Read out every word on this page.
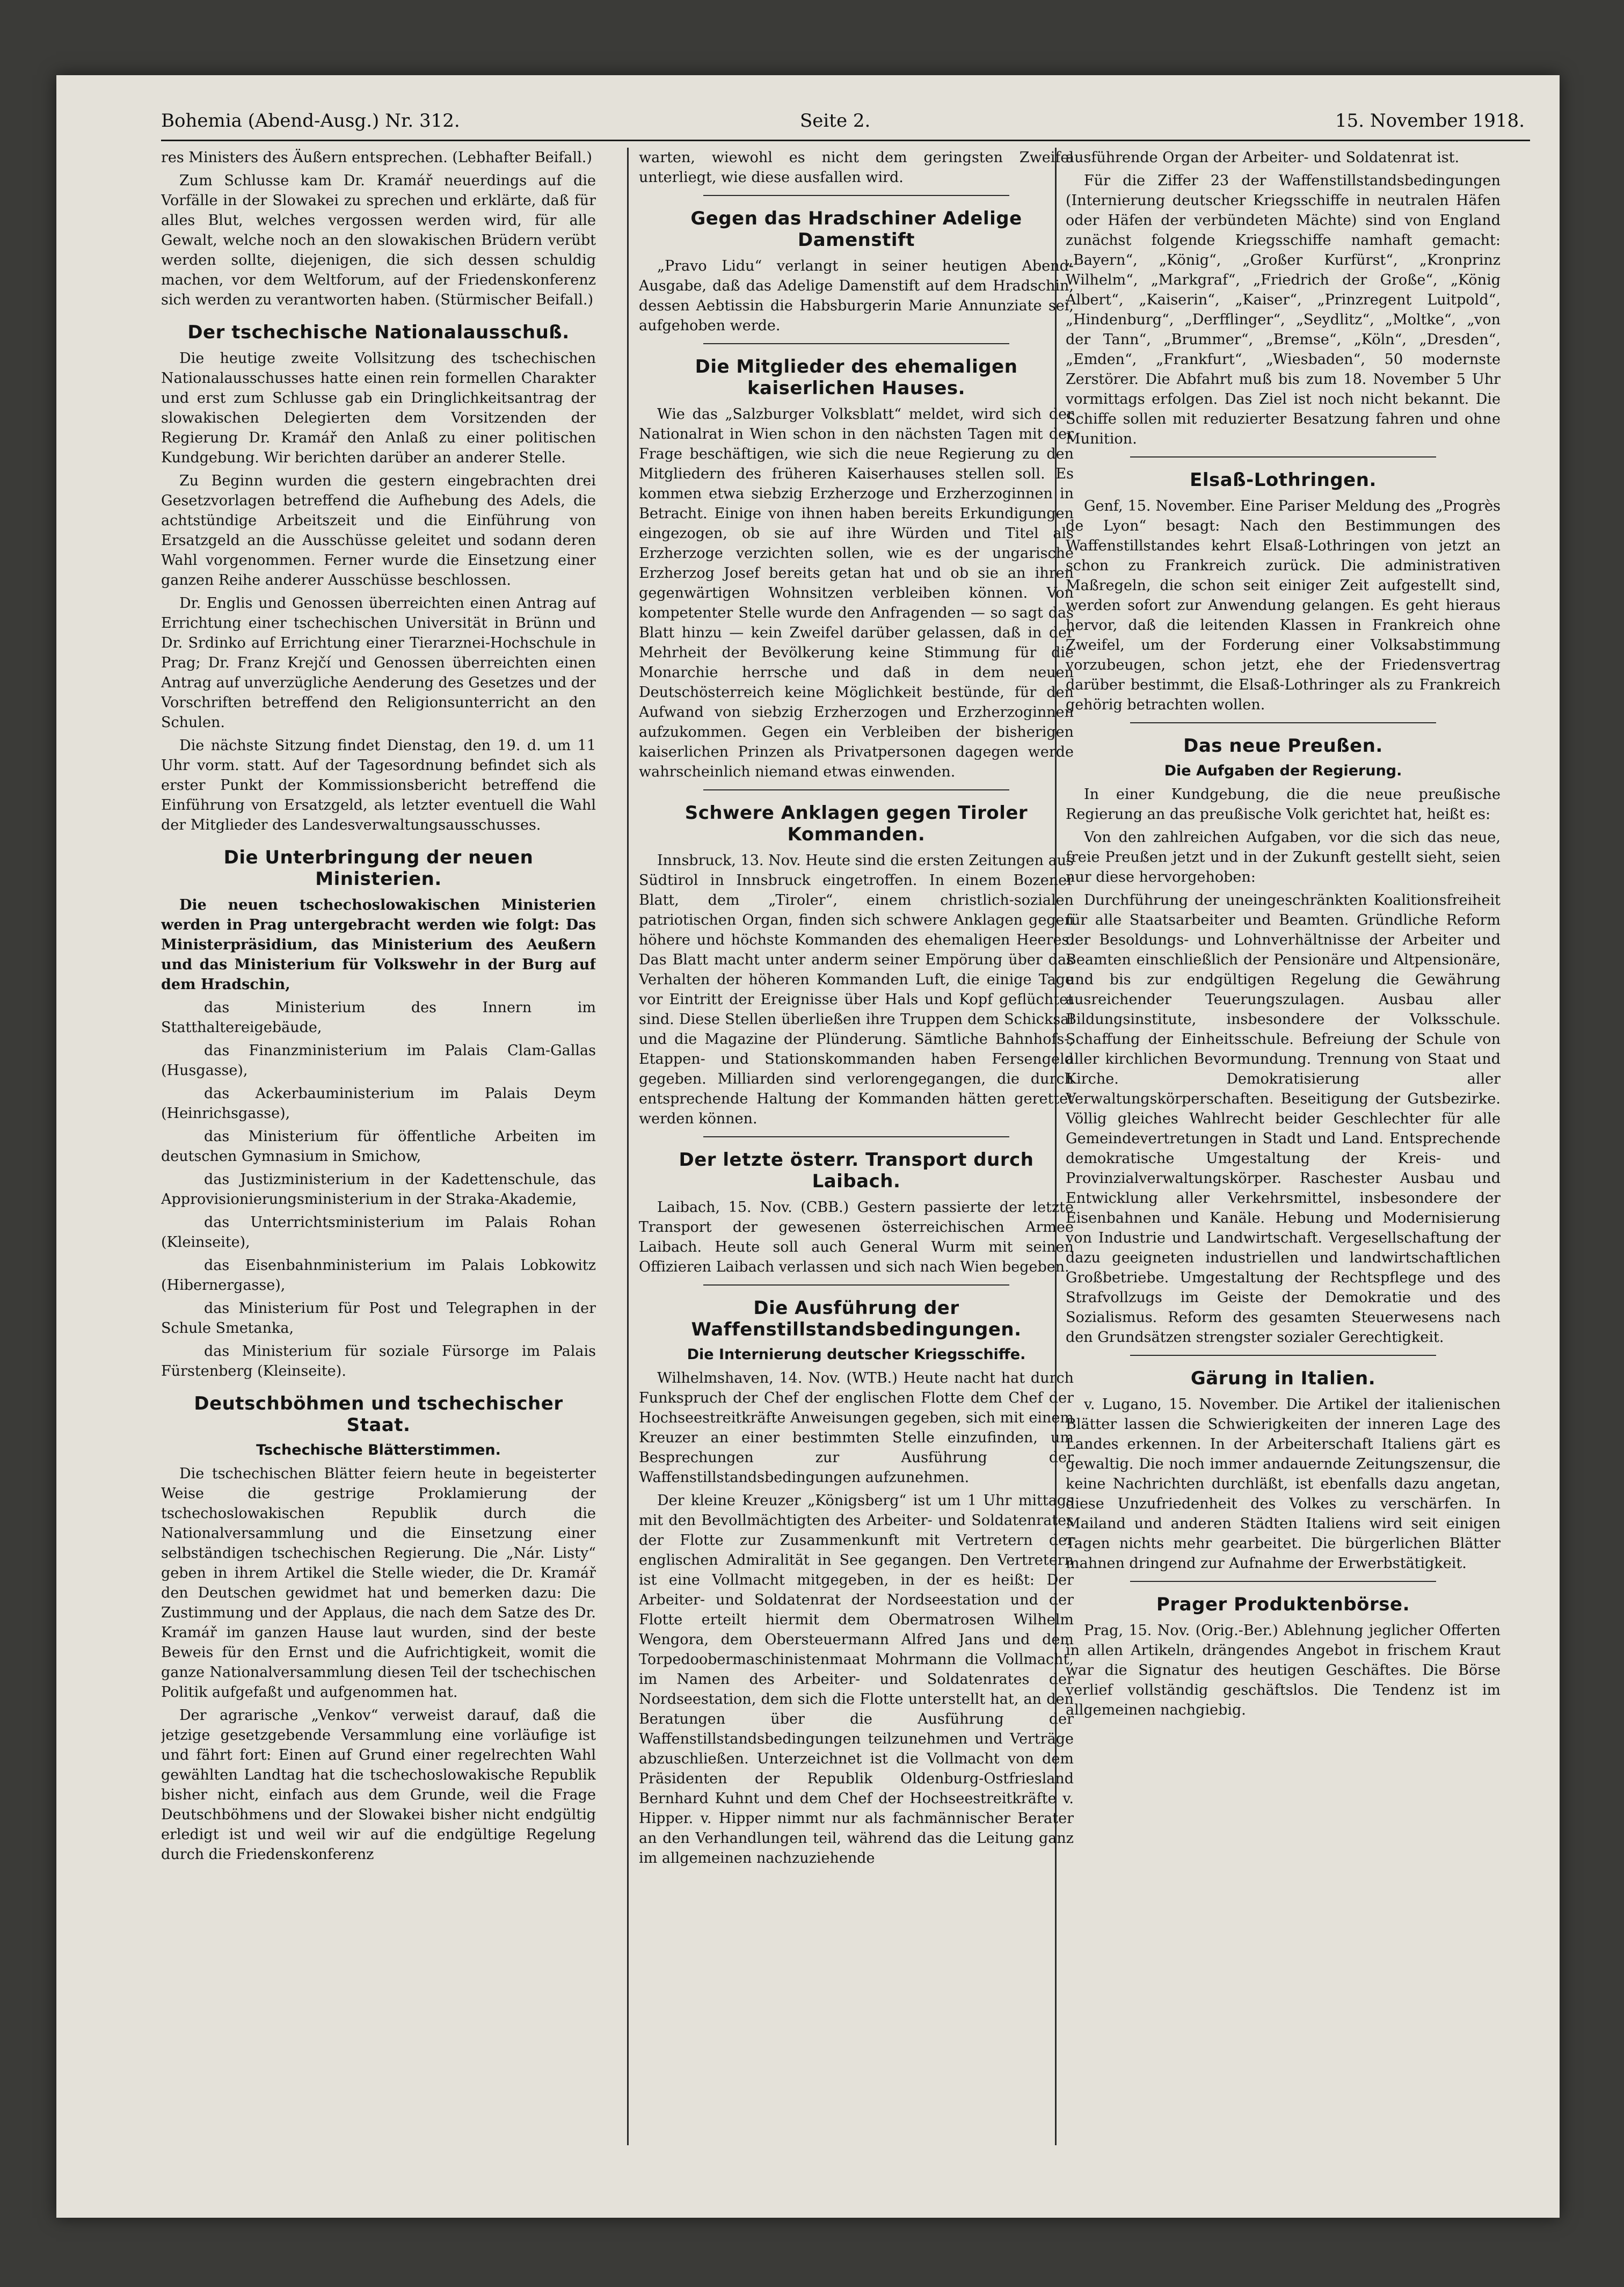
Bohemia (Abend-Ausg.) Nr. 312.	Seite 2.	15. November 1918.

res Ministers des Äußern entsprechen. (Lebhafter Beifall.)

Zum Schlusse kam Dr. Kramář neuerdings auf die Vorfälle in der Slowakei zu sprechen und erklärte, daß für alles Blut, welches vergossen werden wird, für alle Gewalt, welche noch an den slowakischen Brüdern verübt werden sollte, diejenigen, die sich dessen schuldig machen, vor dem Weltforum, auf der Friedenskonferenz sich werden zu verantworten haben. (Stürmischer Beifall.)

Der tschechische Nationalausschuß.

Die heutige zweite Vollsitzung des tschechischen Nationalausschusses hatte einen rein formellen Charakter und erst zum Schlusse gab ein Dringlichkeitsantrag der slowakischen Delegierten dem Vorsitzenden der Regierung Dr. Kramář den Anlaß zu einer politischen Kundgebung. Wir berichten darüber an anderer Stelle.

Zu Beginn wurden die gestern eingebrachten drei Gesetzvorlagen betreffend die Aufhebung des Adels, die achtstündige Arbeitszeit und die Einführung von Ersatzgeld an die Ausschüsse geleitet und sodann deren Wahl vorgenommen. Ferner wurde die Einsetzung einer ganzen Reihe anderer Ausschüsse beschlossen.

Dr. Englis und Genossen überreichten einen Antrag auf Errichtung einer tschechischen Universität in Brünn und Dr. Srdinko auf Errichtung einer Tierarznei-Hochschule in Prag; Dr. Franz Krejčí und Genossen überreichten einen Antrag auf unverzügliche Aenderung des Gesetzes und der Vorschriften betreffend den Religionsunterricht an den Schulen.

Die nächste Sitzung findet Dienstag, den 19. d. um 11 Uhr vorm. statt. Auf der Tagesordnung befindet sich als erster Punkt der Kommissionsbericht betreffend die Einführung von Ersatzgeld, als letzter eventuell die Wahl der Mitglieder des Landesverwaltungsausschusses.

Die Unterbringung der neuen Ministerien.

Die neuen tschechoslowakischen Ministerien werden in Prag untergebracht werden wie folgt: Das Ministerpräsidium, das Ministerium des Aeußern und das Ministerium für Volkswehr in der Burg auf dem Hradschin,

das Ministerium des Innern im Statthaltereigebäude,

das Finanzministerium im Palais Clam-Gallas (Husgasse),

das Ackerbauministerium im Palais Deym (Heinrichsgasse),

das Ministerium für öffentliche Arbeiten im deutschen Gymnasium in Smichow,

das Justizministerium in der Kadettenschule, das Approvisionierungsministerium in der Straka-Akademie,

das Unterrichtsministerium im Palais Rohan (Kleinseite),

das Eisenbahnministerium im Palais Lobkowitz (Hibernergasse),

das Ministerium für Post und Telegraphen in der Schule Smetanka,

das Ministerium für soziale Fürsorge im Palais Fürstenberg (Kleinseite).

Deutschböhmen und tschechischer Staat.
Tschechische Blätterstimmen.

Die tschechischen Blätter feiern heute in begeisterter Weise die gestrige Proklamierung der tschechoslowakischen Republik durch die Nationalversammlung und die Einsetzung einer selbständigen tschechischen Regierung. Die „Nár. Listy“ geben in ihrem Artikel die Stelle wieder, die Dr. Kramář den Deutschen gewidmet hat und bemerken dazu: Die Zustimmung und der Applaus, die nach dem Satze des Dr. Kramář im ganzen Hause laut wurden, sind der beste Beweis für den Ernst und die Aufrichtigkeit, womit die ganze Nationalversammlung diesen Teil der tschechischen Politik aufgefaßt und aufgenommen hat.

Der agrarische „Venkov“ verweist darauf, daß die jetzige gesetzgebende Versammlung eine vorläufige ist und fährt fort: Einen auf Grund einer regelrechten Wahl gewählten Landtag hat die tschechoslowakische Republik bisher nicht, einfach aus dem Grunde, weil die Frage Deutschböhmens und der Slowakei bisher nicht endgültig erledigt ist und weil wir auf die endgültige Regelung durch die Friedenskonferenz

warten, wiewohl es nicht dem geringsten Zweifel unterliegt, wie diese ausfallen wird.

Gegen das Hradschiner Adelige Damenstift

„Pravo Lidu“ verlangt in seiner heutigen Abend-Ausgabe, daß das Adelige Damenstift auf dem Hradschin, dessen Aebtissin die Habsburgerin Marie Annunziate sei, aufgehoben werde.

Die Mitglieder des ehemaligen kaiserlichen Hauses.

Wie das „Salzburger Volksblatt“ meldet, wird sich der Nationalrat in Wien schon in den nächsten Tagen mit der Frage beschäftigen, wie sich die neue Regierung zu den Mitgliedern des früheren Kaiserhauses stellen soll. Es kommen etwa siebzig Erzherzoge und Erzherzoginnen in Betracht. Einige von ihnen haben bereits Erkundigungen eingezogen, ob sie auf ihre Würden und Titel als Erzherzoge verzichten sollen, wie es der ungarische Erzherzog Josef bereits getan hat und ob sie an ihren gegenwärtigen Wohnsitzen verbleiben können. Von kompetenter Stelle wurde den Anfragenden — so sagt das Blatt hinzu — kein Zweifel darüber gelassen, daß in der Mehrheit der Bevölkerung keine Stimmung für die Monarchie herrsche und daß in dem neuen Deutschösterreich keine Möglichkeit bestünde, für den Aufwand von siebzig Erzherzogen und Erzherzoginnen aufzukommen. Gegen ein Verbleiben der bisherigen kaiserlichen Prinzen als Privatpersonen dagegen werde wahrscheinlich niemand etwas einwenden.

Schwere Anklagen gegen Tiroler Kommanden.

Innsbruck, 13. Nov. Heute sind die ersten Zeitungen aus Südtirol in Innsbruck eingetroffen. In einem Bozener Blatt, dem „Tiroler“, einem christlich-sozialen patriotischen Organ, finden sich schwere Anklagen gegen höhere und höchste Kommanden des ehemaligen Heeres. Das Blatt macht unter anderm seiner Empörung über das Verhalten der höheren Kommanden Luft, die einige Tage vor Eintritt der Ereignisse über Hals und Kopf geflüchtet sind. Diese Stellen überließen ihre Truppen dem Schicksal und die Magazine der Plünderung. Sämtliche Bahnhofs-, Etappen- und Stationskommanden haben Fersengeld gegeben. Milliarden sind verlorengegangen, die durch entsprechende Haltung der Kommanden hätten gerettet werden können.

Der letzte österr. Transport durch Laibach.

Laibach, 15. Nov. (CBB.) Gestern passierte der letzte Transport der gewesenen österreichischen Armee Laibach. Heute soll auch General Wurm mit seinen Offizieren Laibach verlassen und sich nach Wien begeben.

Die Ausführung der Waffenstillstandsbedingungen.
Die Internierung deutscher Kriegsschiffe.

Wilhelmshaven, 14. Nov. (WTB.) Heute nacht hat durch Funkspruch der Chef der englischen Flotte dem Chef der Hochseestreitkräfte Anweisungen gegeben, sich mit einem Kreuzer an einer bestimmten Stelle einzufinden, um Besprechungen zur Ausführung der Waffenstillstandsbedingungen aufzunehmen.

Der kleine Kreuzer „Königsberg“ ist um 1 Uhr mittags mit den Bevollmächtigten des Arbeiter- und Soldatenrates der Flotte zur Zusammenkunft mit Vertretern der englischen Admiralität in See gegangen. Den Vertretern ist eine Vollmacht mitgegeben, in der es heißt: Der Arbeiter- und Soldatenrat der Nordseestation und der Flotte erteilt hiermit dem Obermatrosen Wilhelm Wengora, dem Obersteuermann Alfred Jans und dem Torpedoobermaschinistenmaat Mohrmann die Vollmacht, im Namen des Arbeiter- und Soldatenrates der Nordseestation, dem sich die Flotte unterstellt hat, an den Beratungen über die Ausführung der Waffenstillstandsbedingungen teilzunehmen und Verträge abzuschließen. Unterzeichnet ist die Vollmacht von dem Präsidenten der Republik Oldenburg-Ostfriesland Bernhard Kuhnt und dem Chef der Hochseestreitkräfte v. Hipper. v. Hipper nimmt nur als fachmännischer Berater an den Verhandlungen teil, während das die Leitung ganz im allgemeinen nachzuziehende

ausführende Organ der Arbeiter- und Soldatenrat ist.

Für die Ziffer 23 der Waffenstillstandsbedingungen (Internierung deutscher Kriegsschiffe in neutralen Häfen oder Häfen der verbündeten Mächte) sind von England zunächst folgende Kriegsschiffe namhaft gemacht: „Bayern“, „König“, „Großer Kurfürst“, „Kronprinz Wilhelm“, „Markgraf“, „Friedrich der Große“, „König Albert“, „Kaiserin“, „Kaiser“, „Prinzregent Luitpold“, „Hindenburg“, „Derfflinger“, „Seydlitz“, „Moltke“, „von der Tann“, „Brummer“, „Bremse“, „Köln“, „Dresden“, „Emden“, „Frankfurt“, „Wiesbaden“, 50 modernste Zerstörer. Die Abfahrt muß bis zum 18. November 5 Uhr vormittags erfolgen. Das Ziel ist noch nicht bekannt. Die Schiffe sollen mit reduzierter Besatzung fahren und ohne Munition.

Elsaß-Lothringen.

Genf, 15. November. Eine Pariser Meldung des „Progrès de Lyon“ besagt: Nach den Bestimmungen des Waffenstillstandes kehrt Elsaß-Lothringen von jetzt an schon zu Frankreich zurück. Die administrativen Maßregeln, die schon seit einiger Zeit aufgestellt sind, werden sofort zur Anwendung gelangen. Es geht hieraus hervor, daß die leitenden Klassen in Frankreich ohne Zweifel, um der Forderung einer Volksabstimmung vorzubeugen, schon jetzt, ehe der Friedensvertrag darüber bestimmt, die Elsaß-Lothringer als zu Frankreich gehörig betrachten wollen.

Das neue Preußen.
Die Aufgaben der Regierung.

In einer Kundgebung, die die neue preußische Regierung an das preußische Volk gerichtet hat, heißt es:

Von den zahlreichen Aufgaben, vor die sich das neue, freie Preußen jetzt und in der Zukunft gestellt sieht, seien nur diese hervorgehoben:

Durchführung der uneingeschränkten Koalitionsfreiheit für alle Staatsarbeiter und Beamten. Gründliche Reform der Besoldungs- und Lohnverhältnisse der Arbeiter und Beamten einschließlich der Pensionäre und Altpensionäre, und bis zur endgültigen Regelung die Gewährung ausreichender Teuerungszulagen. Ausbau aller Bildungsinstitute, insbesondere der Volksschule. Schaffung der Einheitsschule. Befreiung der Schule von aller kirchlichen Bevormundung. Trennung von Staat und Kirche. Demokratisierung aller Verwaltungskörperschaften. Beseitigung der Gutsbezirke. Völlig gleiches Wahlrecht beider Geschlechter für alle Gemeindevertretungen in Stadt und Land. Entsprechende demokratische Umgestaltung der Kreis- und Provinzialverwaltungskörper. Raschester Ausbau und Entwicklung aller Verkehrsmittel, insbesondere der Eisenbahnen und Kanäle. Hebung und Modernisierung von Industrie und Landwirtschaft. Vergesellschaftung der dazu geeigneten industriellen und landwirtschaftlichen Großbetriebe. Umgestaltung der Rechtspflege und des Strafvollzugs im Geiste der Demokratie und des Sozialismus. Reform des gesamten Steuerwesens nach den Grundsätzen strengster sozialer Gerechtigkeit.

Gärung in Italien.

v. Lugano, 15. November. Die Artikel der italienischen Blätter lassen die Schwierigkeiten der inneren Lage des Landes erkennen. In der Arbeiterschaft Italiens gärt es gewaltig. Die noch immer andauernde Zeitungszensur, die keine Nachrichten durchläßt, ist ebenfalls dazu angetan, diese Unzufriedenheit des Volkes zu verschärfen. In Mailand und anderen Städten Italiens wird seit einigen Tagen nichts mehr gearbeitet. Die bürgerlichen Blätter mahnen dringend zur Aufnahme der Erwerbstätigkeit.

Prager Produktenbörse.

Prag, 15. Nov. (Orig.-Ber.) Ablehnung jeglicher Offerten in allen Artikeln, drängendes Angebot in frischem Kraut war die Signatur des heutigen Geschäftes. Die Börse verlief vollständig geschäftslos. Die Tendenz ist im allgemeinen nachgiebig.
